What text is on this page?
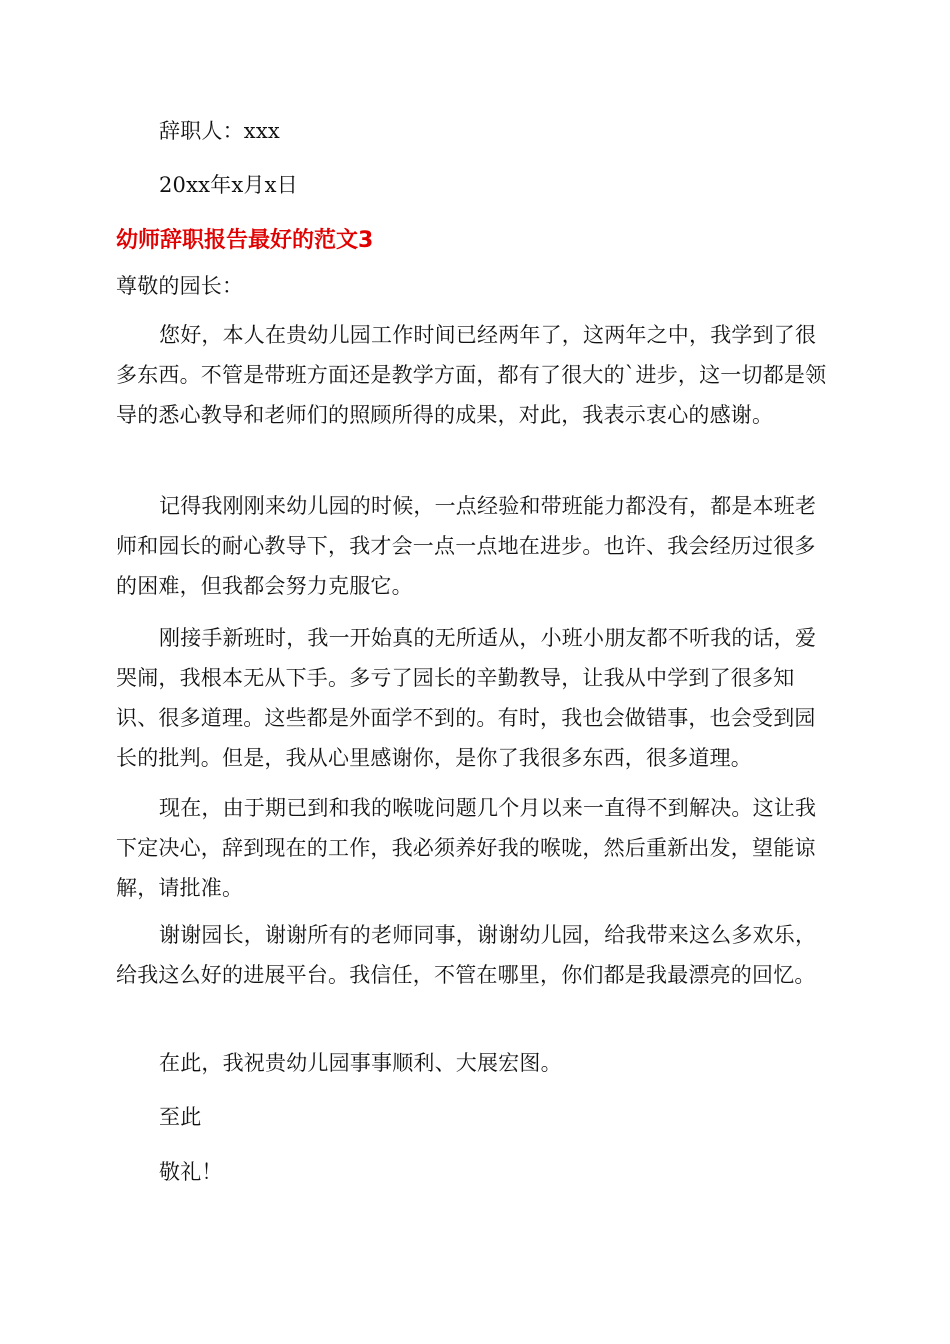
辞职人：xxx
20xx年x月x日
幼师辞职报告最好的范文3
尊敬的园长：
您好，本人在贵幼儿园工作时间已经两年了，这两年之中，我学到了很多东西。不管是带班方面还是教学方面，都有了很大的`进步，这一切都是领导的悉心教导和老师们的照顾所得的成果，对此，我表示衷心的感谢。
记得我刚刚来幼儿园的时候，一点经验和带班能力都没有，都是本班老师和园长的耐心教导下，我才会一点一点地在进步。也许、我会经历过很多的困难，但我都会努力克服它。
刚接手新班时，我一开始真的无所适从，小班小朋友都不听我的话，爱哭闹，我根本无从下手。多亏了园长的辛勤教导，让我从中学到了很多知识、很多道理。这些都是外面学不到的。有时，我也会做错事，也会受到园长的批判。但是，我从心里感谢你，是你了我很多东西，很多道理。
现在，由于期已到和我的喉咙问题几个月以来一直得不到解决。这让我下定决心，辞到现在的工作，我必须养好我的喉咙，然后重新出发，望能谅解，请批准。
谢谢园长，谢谢所有的老师同事，谢谢幼儿园，给我带来这么多欢乐，给我这么好的进展平台。我信任，不管在哪里，你们都是我最漂亮的回忆。
在此，我祝贵幼儿园事事顺利、大展宏图。
至此
敬礼！
